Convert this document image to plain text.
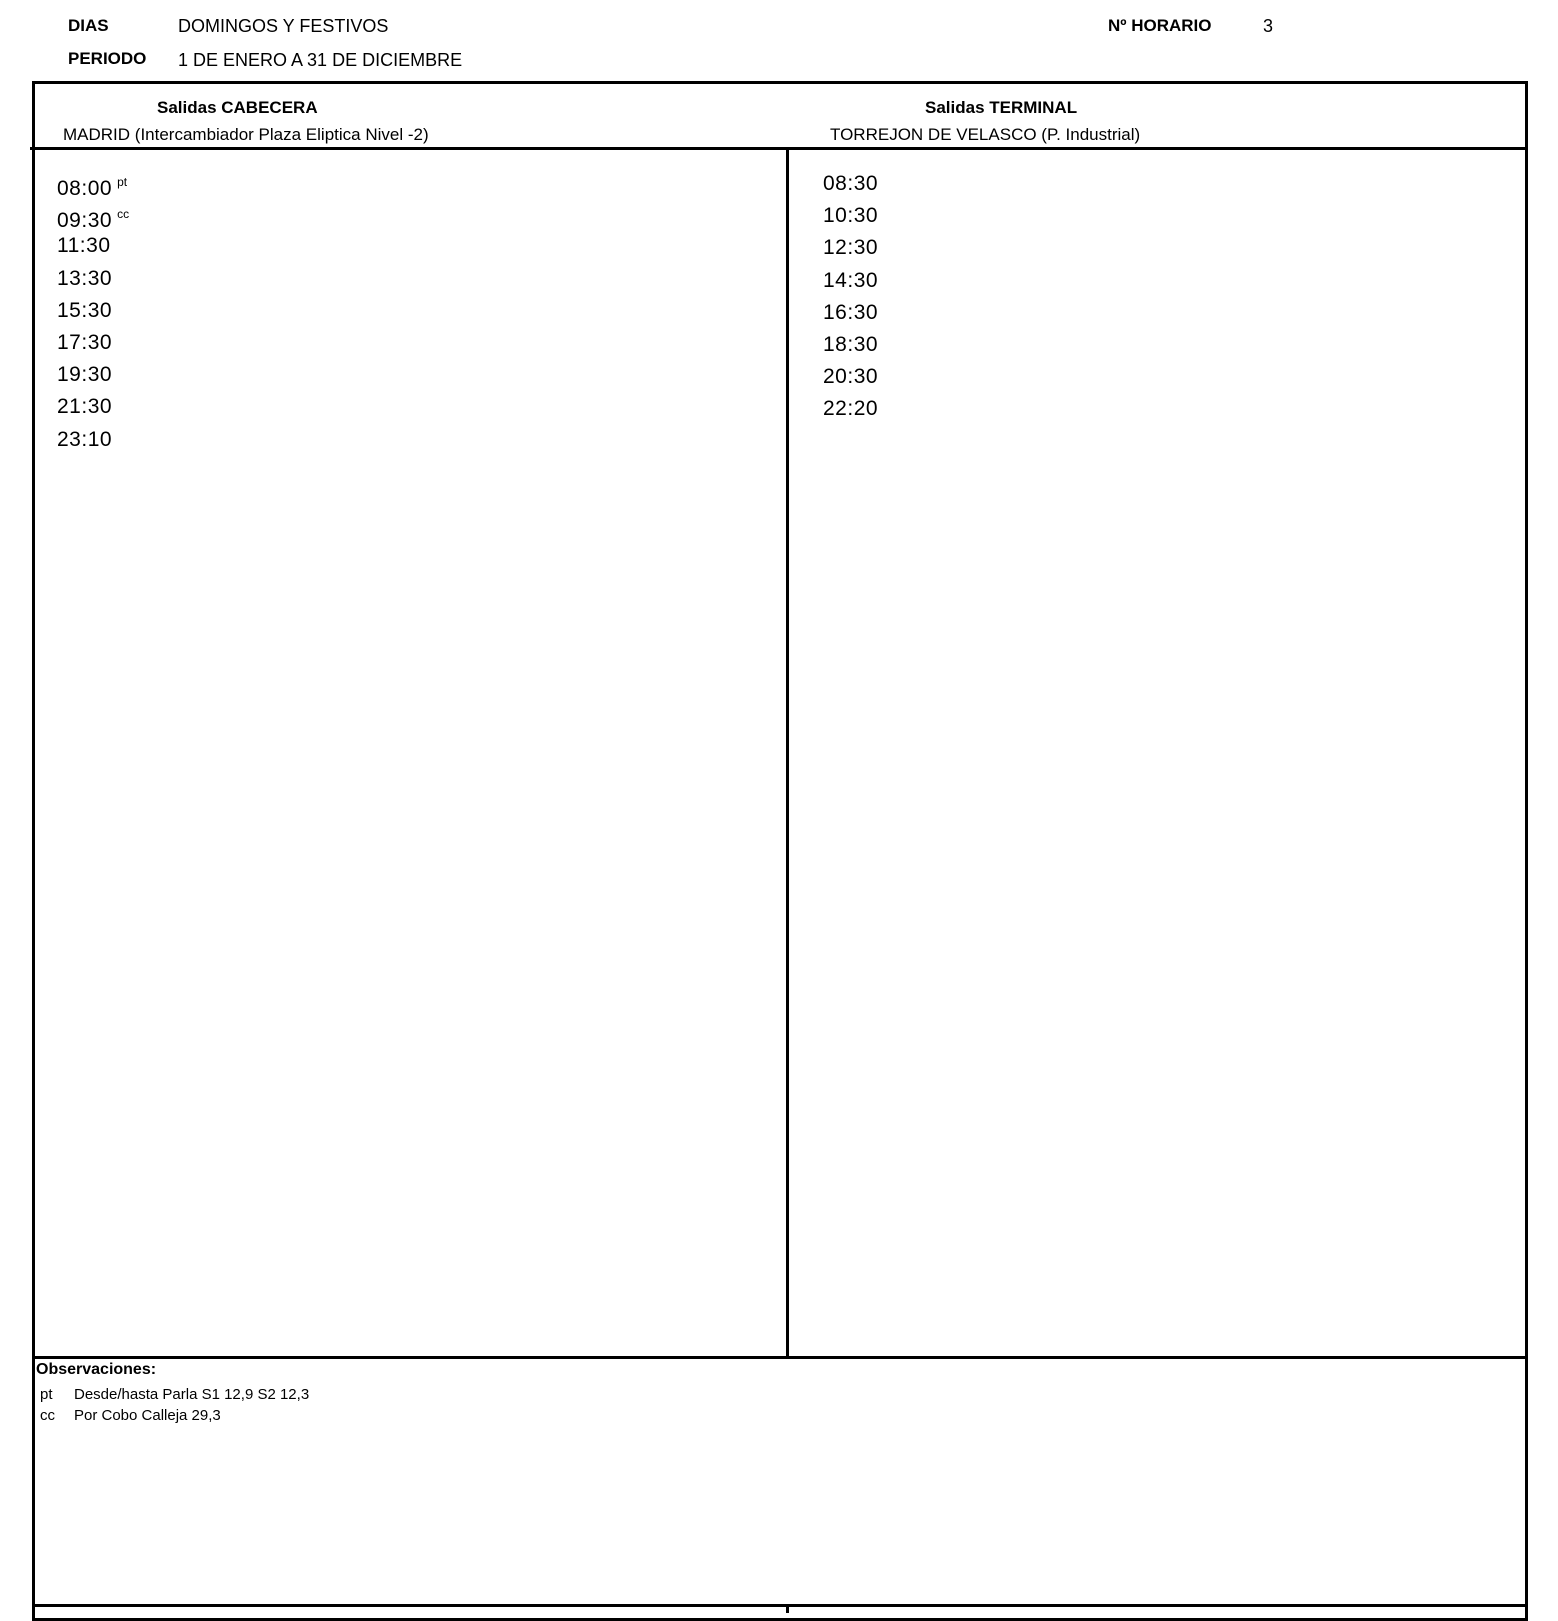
DIAS	DOMINGOS Y FESTIVOS
PERIODO 1 DE ENERO A 31 DE DICIEMBRE
Nº HORARIO	3
Salidas CABECERA
MADRID (Intercambiador Plaza Eliptica Nivel -2)
Salidas TERMINAL
TORREJON DE VELASCO (P. Industrial)
08:00 $^{pt}$
09:30 $^{cc}$
11:30
13:30
15:30
17:30
19:30
21:30
23:10
08:30
10:30
12:30
14:30
16:30
18:30
20:30
22:20
Observaciones:
pt Desde/hasta Parla S1 12,9 S2 12,3
cc Por Cobo Calleja 29,3
